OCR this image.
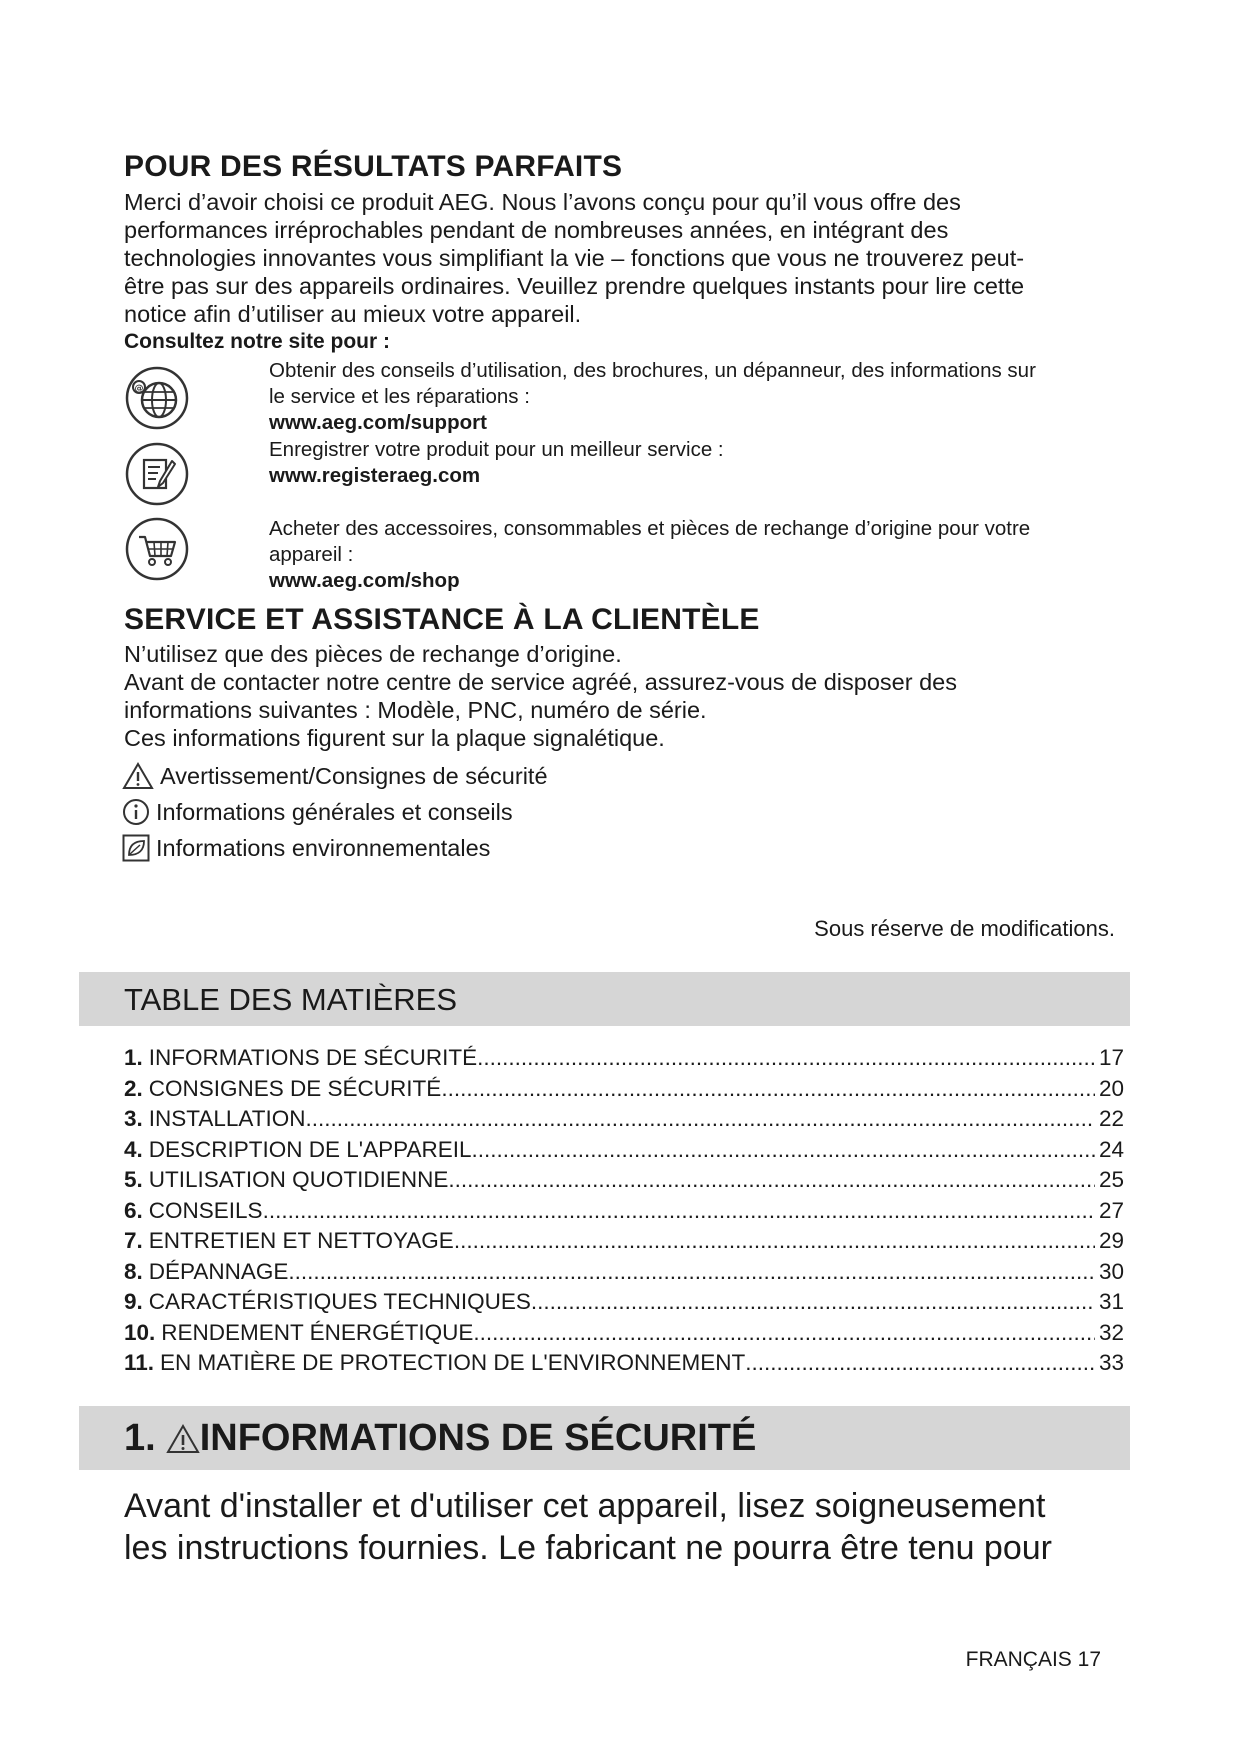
POUR DES RÉSULTATS PARFAITS

Merci d’avoir choisi ce produit AEG. Nous l’avons conçu pour qu’il vous offre des

performances irréprochables pendant de nombreuses années, en intégrant des

technologies innovantes vous simplifiant la vie – fonctions que vous ne trouverez peut-

être pas sur des appareils ordinaires. Veuillez prendre quelques instants pour lire cette

notice afin d’utiliser au mieux votre appareil.

Consultez notre site pour :

@
Obtenir des conseils d’utilisation, des brochures, un dépanneur, des informations sur
le service et les réparations :
www.aeg.com/support
Enregistrer votre produit pour un meilleur service :
www.registeraeg.com
Acheter des accessoires, consommables et pièces de rechange d’origine pour votre
appareil :
www.aeg.com/shop
SERVICE ET ASSISTANCE À LA CLIENTÈLE

N’utilisez que des pièces de rechange d’origine.

Avant de contacter notre centre de service agréé, assurez-vous de disposer des

informations suivantes : Modèle, PNC, numéro de série.

Ces informations figurent sur la plaque signalétique.

Avertissement/Consignes de sécurité
Informations générales et conseils
Informations environnementales
Sous réserve de modifications.
TABLE DES MATIÈRES
1. INFORMATIONS DE SÉCURITÉ .....	17
2. CONSIGNES DE SÉCURITÉ .....	20
3. INSTALLATION .....	22
4. DESCRIPTION DE L'APPAREIL .....	24
5. UTILISATION QUOTIDIENNE .....	25
6. CONSEILS .....	27
7. ENTRETIEN ET NETTOYAGE .....	29
8. DÉPANNAGE .....	30
9. CARACTÉRISTIQUES TECHNIQUES .....	31
10. RENDEMENT ÉNERGÉTIQUE .....	32
11. EN MATIÈRE DE PROTECTION DE L'ENVIRONNEMENT .....	33
1. INFORMATIONS DE SÉCURITÉ
Avant d'installer et d'utiliser cet appareil, lisez soigneusement
les instructions fournies. Le fabricant ne pourra être tenu pour
FRANÇAIS 17
